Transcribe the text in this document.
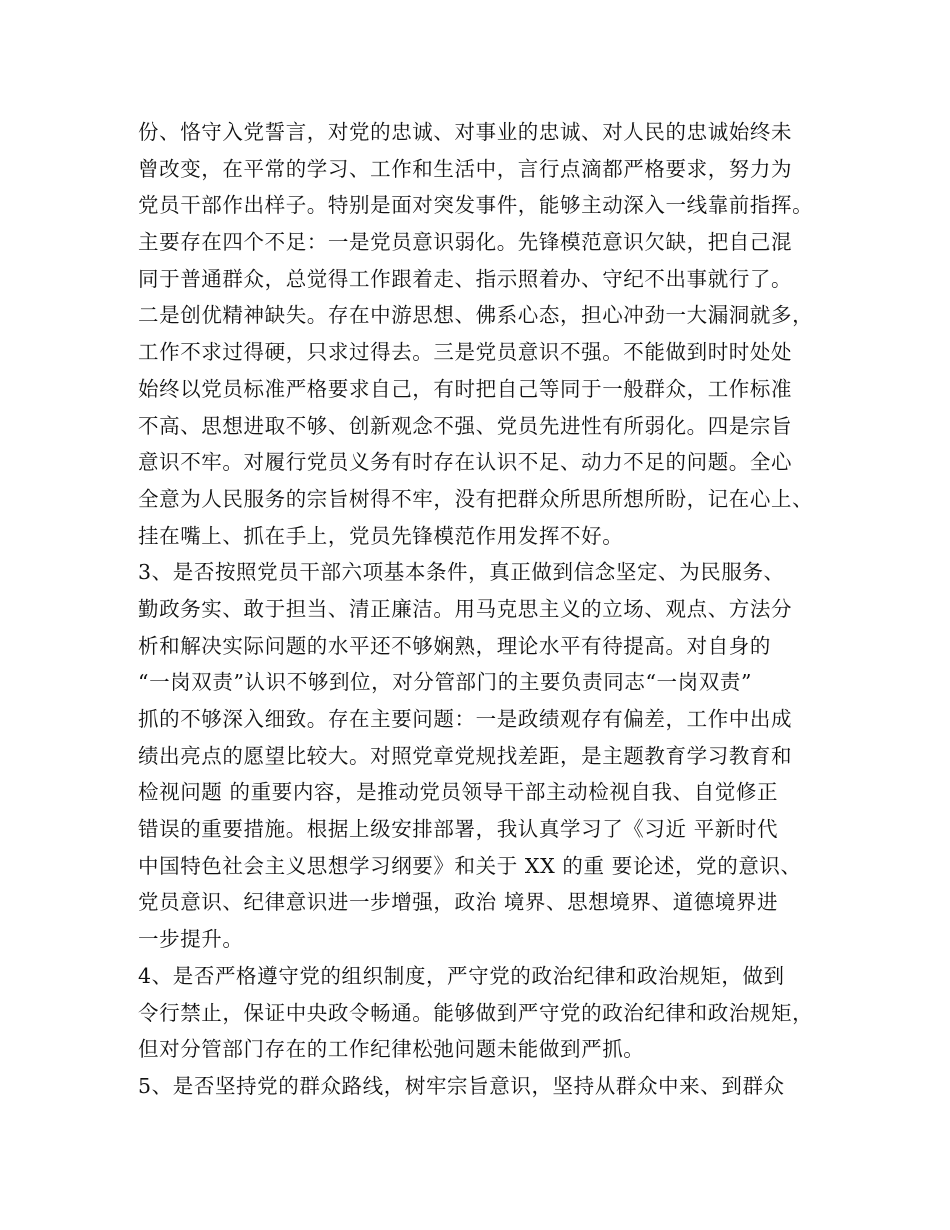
份、恪守入党誓言，对党的忠诚、对事业的忠诚、对人民的忠诚始终未
曾改变，在平常的学习、工作和生活中，言行点滴都严格要求，努力为
党员干部作出样子。特别是面对突发事件，能够主动深入一线靠前指挥。
主要存在四个不足：一是党员意识弱化。先锋模范意识欠缺，把自己混
同于普通群众，总觉得工作跟着走、指示照着办、守纪不出事就行了。
二是创优精神缺失。存在中游思想、佛系心态，担心冲劲一大漏洞就多，
工作不求过得硬，只求过得去。三是党员意识不强。不能做到时时处处
始终以党员标准严格要求自己，有时把自己等同于一般群众，工作标准
不高、思想进取不够、创新观念不强、党员先进性有所弱化。四是宗旨
意识不牢。对履行党员义务有时存在认识不足、动力不足的问题。全心
全意为人民服务的宗旨树得不牢，没有把群众所思所想所盼，记在心上、
挂在嘴上、抓在手上，党员先锋模范作用发挥不好。
3、是否按照党员干部六项基本条件，真正做到信念坚定、为民服务、
勤政务实、敢于担当、清正廉洁。用马克思主义的立场、观点、方法分
析和解决实际问题的水平还不够娴熟，理论水平有待提高。对自身的
“一岗双责”认识不够到位，对分管部门的主要负责同志“一岗双责”
抓的不够深入细致。存在主要问题：一是政绩观存有偏差，工作中出成
绩出亮点的愿望比较大。对照党章党规找差距，是主题教育学习教育和
检视问题 的重要内容，是推动党员领导干部主动检视自我、自觉修正
错误的重要措施。根据上级安排部署，我认真学习了《习近 平新时代
中国特色社会主义思想学习纲要》和关于 XX 的重 要论述，党的意识、
党员意识、纪律意识进一步增强，政治 境界、思想境界、道德境界进
一步提升。
4、是否严格遵守党的组织制度，严守党的政治纪律和政治规矩，做到
令行禁止，保证中央政令畅通。能够做到严守党的政治纪律和政治规矩，
但对分管部门存在的工作纪律松弛问题未能做到严抓。
5、是否坚持党的群众路线，树牢宗旨意识，坚持从群众中来、到群众
